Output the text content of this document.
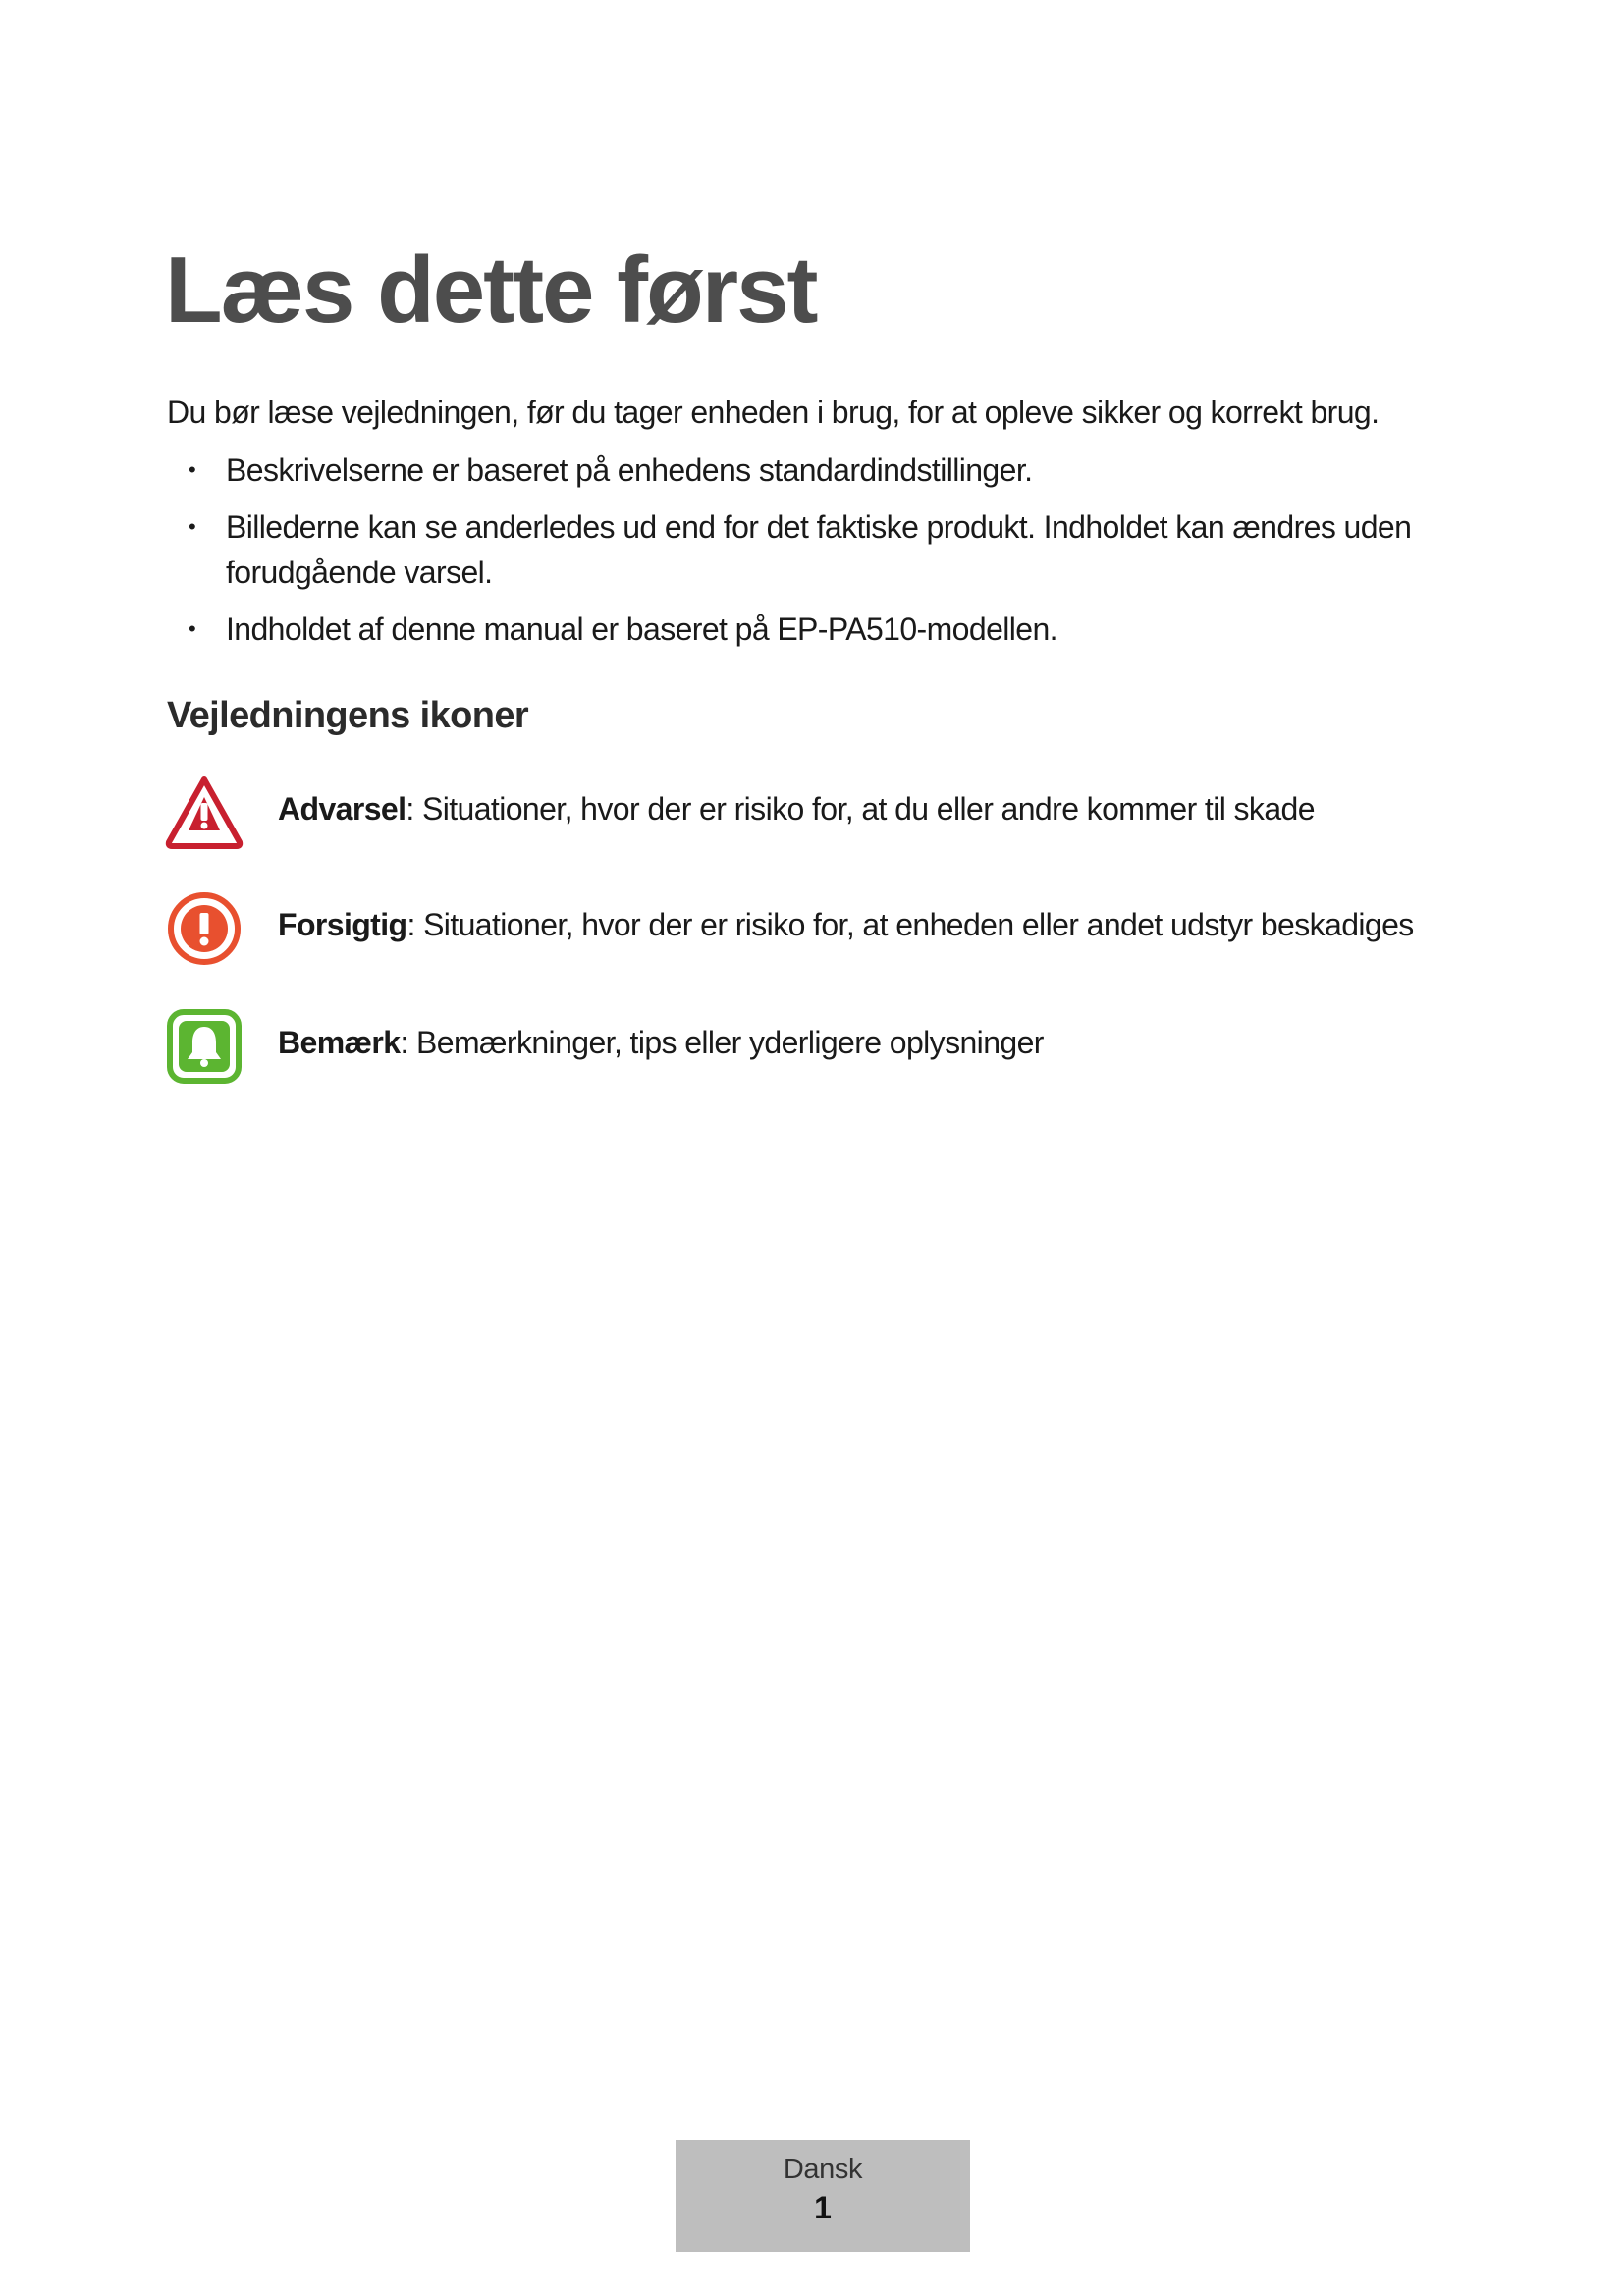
Læs dette først

Du bør læse vejledningen, før du tager enheden i brug, for at opleve sikker og korrekt brug.

• Beskrivelserne er baseret på enhedens standardindstillinger.
• Billederne kan se anderledes ud end for det faktiske produkt. Indholdet kan ændres uden forudgående varsel.
• Indholdet af denne manual er baseret på EP-PA510-modellen.
Vejledningens ikoner
Advarsel: Situationer, hvor der er risiko for, at du eller andre kommer til skade
Forsigtig: Situationer, hvor der er risiko for, at enheden eller andet udstyr beskadiges
Bemærk: Bemærkninger, tips eller yderligere oplysninger
Dansk
1
